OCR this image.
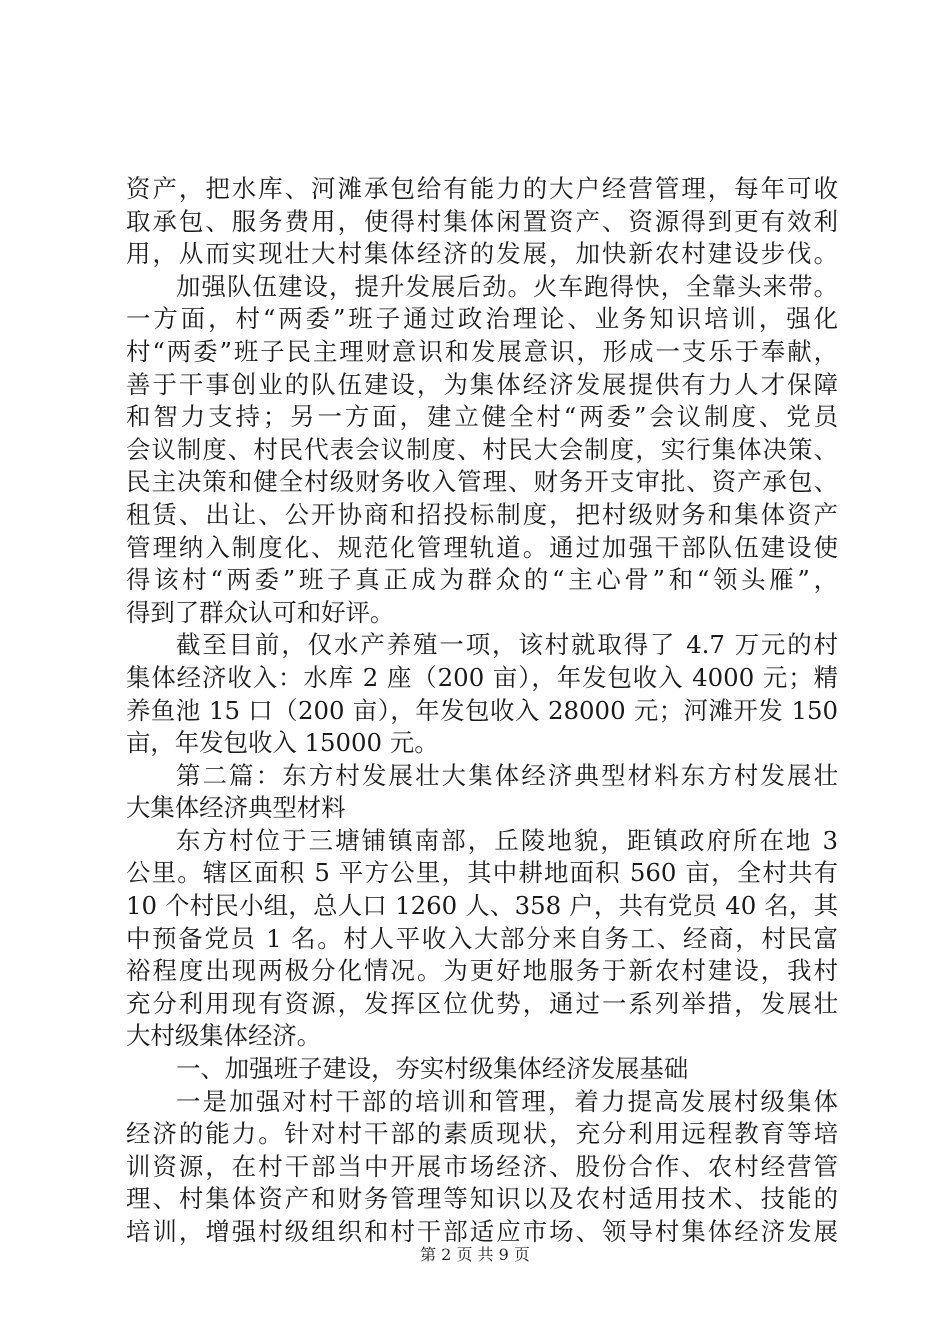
资产，把水库、河滩承包给有能力的大户经营管理，每年可收
取承包、服务费用，使得村集体闲置资产、资源得到更有效利
用，从而实现壮大村集体经济的发展，加快新农村建设步伐。
加强队伍建设，提升发展后劲。火车跑得快，全靠头来带。
一方面，村“两委”班子通过政治理论、业务知识培训，强化
村“两委”班子民主理财意识和发展意识，形成一支乐于奉献，
善于干事创业的队伍建设，为集体经济发展提供有力人才保障
和智力支持；另一方面，建立健全村“两委”会议制度、党员
会议制度、村民代表会议制度、村民大会制度，实行集体决策、
民主决策和健全村级财务收入管理、财务开支审批、资产承包、
租赁、出让、公开协商和招投标制度，把村级财务和集体资产
管理纳入制度化、规范化管理轨道。通过加强干部队伍建设使
得该村“两委”班子真正成为群众的“主心骨”和“领头雁”，
得到了群众认可和好评。
截至目前，仅水产养殖一项，该村就取得了 4.7 万元的村
集体经济收入：水库 2 座（200 亩），年发包收入 4000 元；精
养鱼池 15 口（200 亩），年发包收入 28000 元；河滩开发 150
亩，年发包收入 15000 元。
第二篇：东方村发展壮大集体经济典型材料东方村发展壮
大集体经济典型材料
东方村位于三塘铺镇南部，丘陵地貌，距镇政府所在地 3
公里。辖区面积 5 平方公里，其中耕地面积 560 亩，全村共有
10 个村民小组，总人口 1260 人、358 户，共有党员 40 名，其
中预备党员 1 名。村人平收入大部分来自务工、经商，村民富
裕程度出现两极分化情况。为更好地服务于新农村建设，我村
充分利用现有资源，发挥区位优势，通过一系列举措，发展壮
大村级集体经济。
一、加强班子建设，夯实村级集体经济发展基础
一是加强对村干部的培训和管理，着力提高发展村级集体
经济的能力。针对村干部的素质现状，充分利用远程教育等培
训资源，在村干部当中开展市场经济、股份合作、农村经营管
理、村集体资产和财务管理等知识以及农村适用技术、技能的
培训，增强村级组织和村干部适应市场、领导村集体经济发展
第 2 页 共 9 页
